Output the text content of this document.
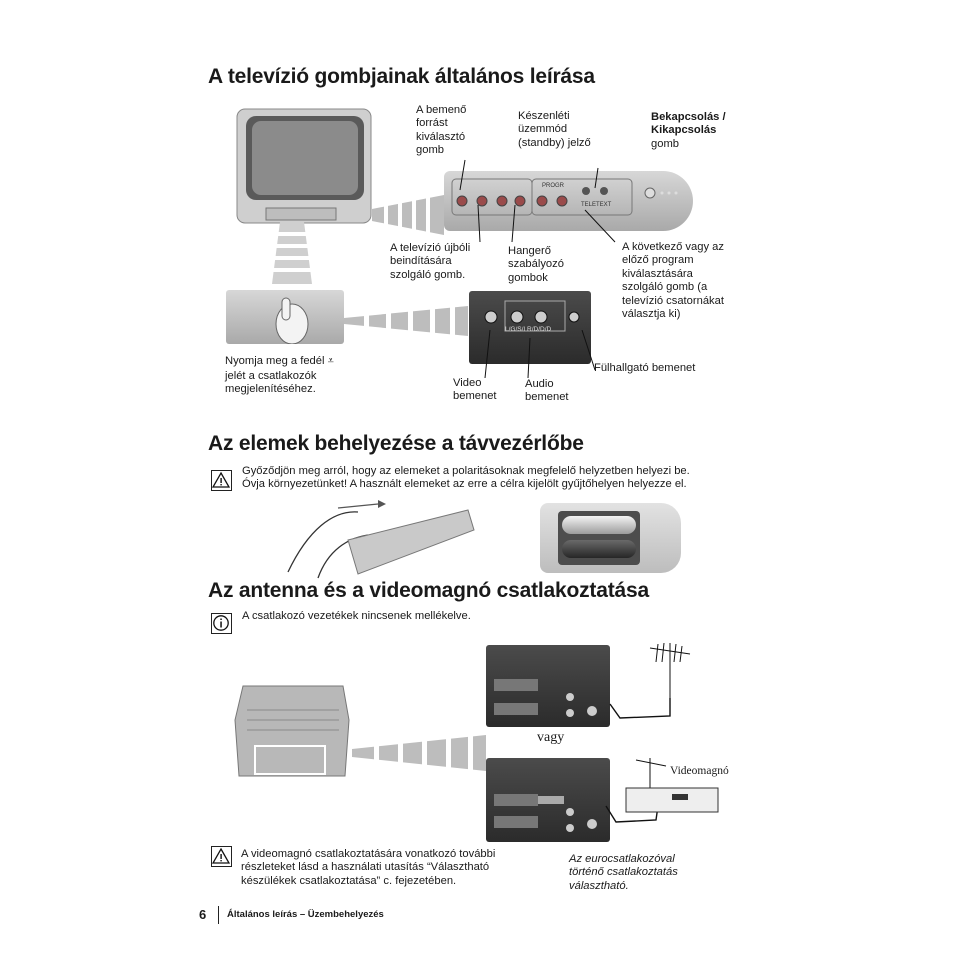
A televízió gombjainak általános leírása
PROGR
TELETEXT
A bemenő
forrást
kiválasztó
gomb
Készenléti
üzemmód
(standby) jelző
Bekapcsolás /
Kikapcsolás
gomb
A televízió újbóli
beindítására
szolgáló gomb.
Hangerő
szabályozó
gombok
A következő vagy az
előző program
kiválasztására
szolgáló gomb (a
televízió csatornákat
választja ki)
L/G/S/I R/D/D/D
Nyomja meg a fedél ⩡
jelét a csatlakozók
megjelenítéséhez.
Video
bemenet
Audio
bemenet
Fülhallgató bemenet
Az elemek behelyezése a távvezérlőbe
Győződjön meg arról, hogy az elemeket a polaritásoknak megfelelő helyzetben helyezi be.
Óvja környezetünket! A használt elemeket az erre a célra kijelölt gyűjtőhelyen helyezze el.
Az antenna és a videomagnó csatlakoztatása
A csatlakozó vezetékek nincsenek mellékelve.
vagy
Videomagnó
A videomagnó csatlakoztatására vonatkozó további
részleteket lásd a használati utasítás “Választható
készülékek csatlakoztatása” c. fejezetében.
Az eurocsatlakozóval
történő csatlakoztatás
választható.
6 Általános leírás – Üzembehelyezés
